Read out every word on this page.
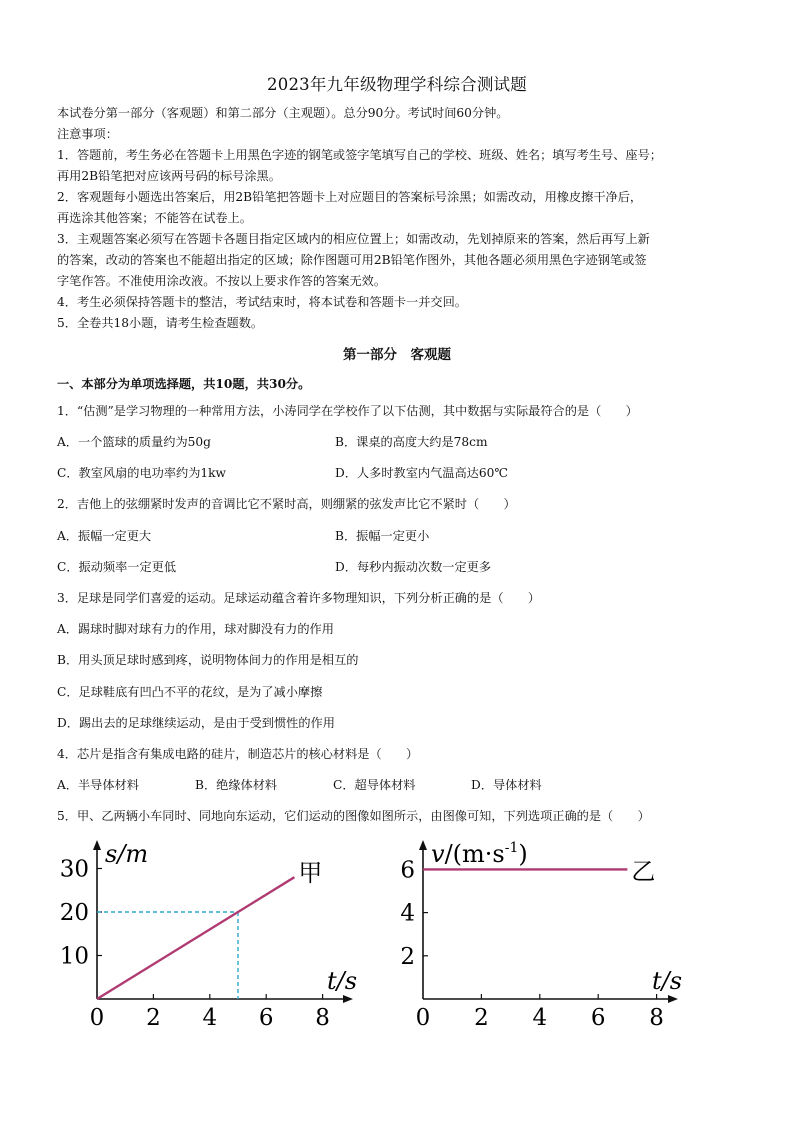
2023年九年级物理学科综合测试题
本试卷分第一部分（客观题）和第二部分（主观题）。总分90分。考试时间60分钟。
注意事项：
1．答题前，考生务必在答题卡上用黑色字迹的钢笔或签字笔填写自己的学校、班级、姓名；填写考生号、座号；
再用2B铅笔把对应该两号码的标号涂黑。
2．客观题每小题选出答案后，用2B铅笔把答题卡上对应题目的答案标号涂黑；如需改动，用橡皮擦干净后，
再选涂其他答案；不能答在试卷上。
3．主观题答案必须写在答题卡各题目指定区域内的相应位置上；如需改动，先划掉原来的答案，然后再写上新
的答案，改动的答案也不能超出指定的区域；除作图题可用2B铅笔作图外，其他各题必须用黑色字迹钢笔或签
字笔作答。不准使用涂改液。不按以上要求作答的答案无效。
4．考生必须保持答题卡的整洁，考试结束时，将本试卷和答题卡一并交回。
5．全卷共18小题，请考生检查题数。
第一部分　客观题
一、本部分为单项选择题，共10题，共30分。
1．“估测”是学习物理的一种常用方法，小涛同学在学校作了以下估测，其中数据与实际最符合的是（　　）
A．一个篮球的质量约为50g	B．课桌的高度大约是78cm
C．教室风扇的电功率约为1kw	D．人多时教室内气温高达60℃
2．吉他上的弦绷紧时发声的音调比它不紧时高，则绷紧的弦发声比它不紧时（　　）
A．振幅一定更大	B．振幅一定更小
C．振动频率一定更低	D．每秒内振动次数一定更多
3．足球是同学们喜爱的运动。足球运动蕴含着许多物理知识，下列分析正确的是（　　）
A．踢球时脚对球有力的作用，球对脚没有力的作用
B．用头顶足球时感到疼，说明物体间力的作用是相互的
C．足球鞋底有凹凸不平的花纹，是为了减小摩擦
D．踢出去的足球继续运动，是由于受到惯性的作用
4．芯片是指含有集成电路的硅片，制造芯片的核心材料是（　　）
A．半导体材料	B．绝缘体材料	C．超导体材料	D．导体材料
5．甲、乙两辆小车同时、同地向东运动，它们运动的图像如图所示，由图像可知，下列选项正确的是（　　）
0 2 4 6 8
10
20
30
t/s
s/m
甲
0 2 4 6 8
2
4
6
t/s
$v/(m\cdot s^{-1})$
乙
